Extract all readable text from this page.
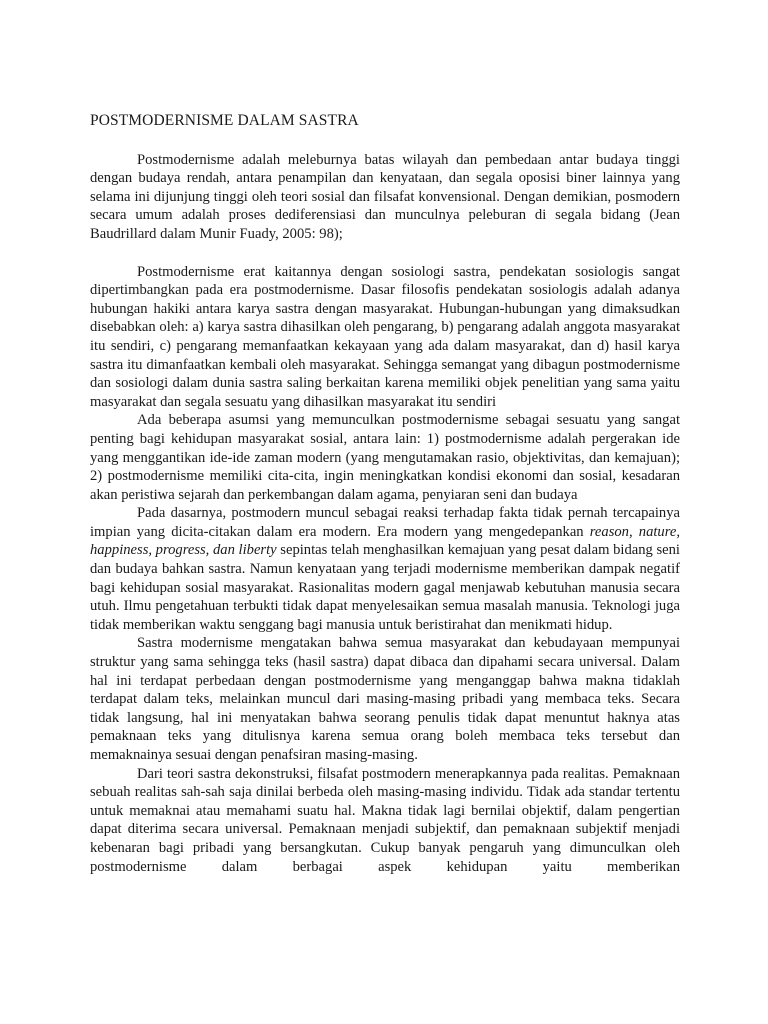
POSTMODERNISME DALAM SASTRA

Postmodernisme adalah meleburnya batas wilayah dan pembedaan antar budaya tinggi dengan budaya rendah, antara penampilan dan kenyataan, dan segala oposisi biner lainnya yang selama ini dijunjung tinggi oleh teori sosial dan filsafat konvensional. Dengan demikian, posmodern secara umum adalah proses dediferensiasi dan munculnya peleburan di segala bidang (Jean Baudrillard dalam Munir Fuady, 2005: 98);

Postmodernisme erat kaitannya dengan sosiologi sastra, pendekatan sosiologis sangat dipertimbangkan pada era postmodernisme. Dasar filosofis pendekatan sosiologis adalah adanya hubungan hakiki antara karya sastra dengan masyarakat. Hubungan-hubungan yang dimaksudkan disebabkan oleh: a) karya sastra dihasilkan oleh pengarang, b) pengarang adalah anggota masyarakat itu sendiri, c) pengarang memanfaatkan kekayaan yang ada dalam masyarakat, dan d) hasil karya sastra itu dimanfaatkan kembali oleh masyarakat. Sehingga semangat yang dibagun postmodernisme dan sosiologi dalam dunia sastra saling berkaitan karena memiliki objek penelitian yang sama yaitu masyarakat dan segala sesuatu yang dihasilkan masyarakat itu sendiri

Ada beberapa asumsi yang memunculkan postmodernisme sebagai sesuatu yang sangat penting bagi kehidupan masyarakat sosial, antara lain: 1) postmodernisme adalah pergerakan ide yang menggantikan ide-ide zaman modern (yang mengutamakan rasio, objektivitas, dan kemajuan); 2) postmodernisme memiliki cita-cita, ingin meningkatkan kondisi ekonomi dan sosial, kesadaran akan peristiwa sejarah dan perkembangan dalam agama, penyiaran seni dan budaya

Pada dasarnya, postmodern muncul sebagai reaksi terhadap fakta tidak pernah tercapainya impian yang dicita-citakan dalam era modern. Era modern yang mengedepankan reason, nature, happiness, progress, dan liberty sepintas telah menghasilkan kemajuan yang pesat dalam bidang seni dan budaya bahkan sastra. Namun kenyataan yang terjadi modernisme memberikan dampak negatif bagi kehidupan sosial masyarakat. Rasionalitas modern gagal menjawab kebutuhan manusia secara utuh. Ilmu pengetahuan terbukti tidak dapat menyelesaikan semua masalah manusia. Teknologi juga tidak memberikan waktu senggang bagi manusia untuk beristirahat dan menikmati hidup.

Sastra modernisme mengatakan bahwa semua masyarakat dan kebudayaan mempunyai struktur yang sama sehingga teks (hasil sastra) dapat dibaca dan dipahami secara universal. Dalam hal ini terdapat perbedaan dengan postmodernisme yang menganggap bahwa makna tidaklah terdapat dalam teks, melainkan muncul dari masing-masing pribadi yang membaca teks. Secara tidak langsung, hal ini menyatakan bahwa seorang penulis tidak dapat menuntut haknya atas pemaknaan teks yang ditulisnya karena semua orang boleh membaca teks tersebut dan memaknainya sesuai dengan penafsiran masing-masing.

Dari teori sastra dekonstruksi, filsafat postmodern menerapkannya pada realitas. Pemaknaan sebuah realitas sah-sah saja dinilai berbeda oleh masing-masing individu. Tidak ada standar tertentu untuk memaknai atau memahami suatu hal. Makna tidak lagi bernilai objektif, dalam pengertian dapat diterima secara universal. Pemaknaan menjadi subjektif, dan pemaknaan subjektif menjadi kebenaran bagi pribadi yang bersangkutan. Cukup banyak pengaruh yang dimunculkan oleh postmodernisme dalam berbagai aspek kehidupan yaitu memberikan
